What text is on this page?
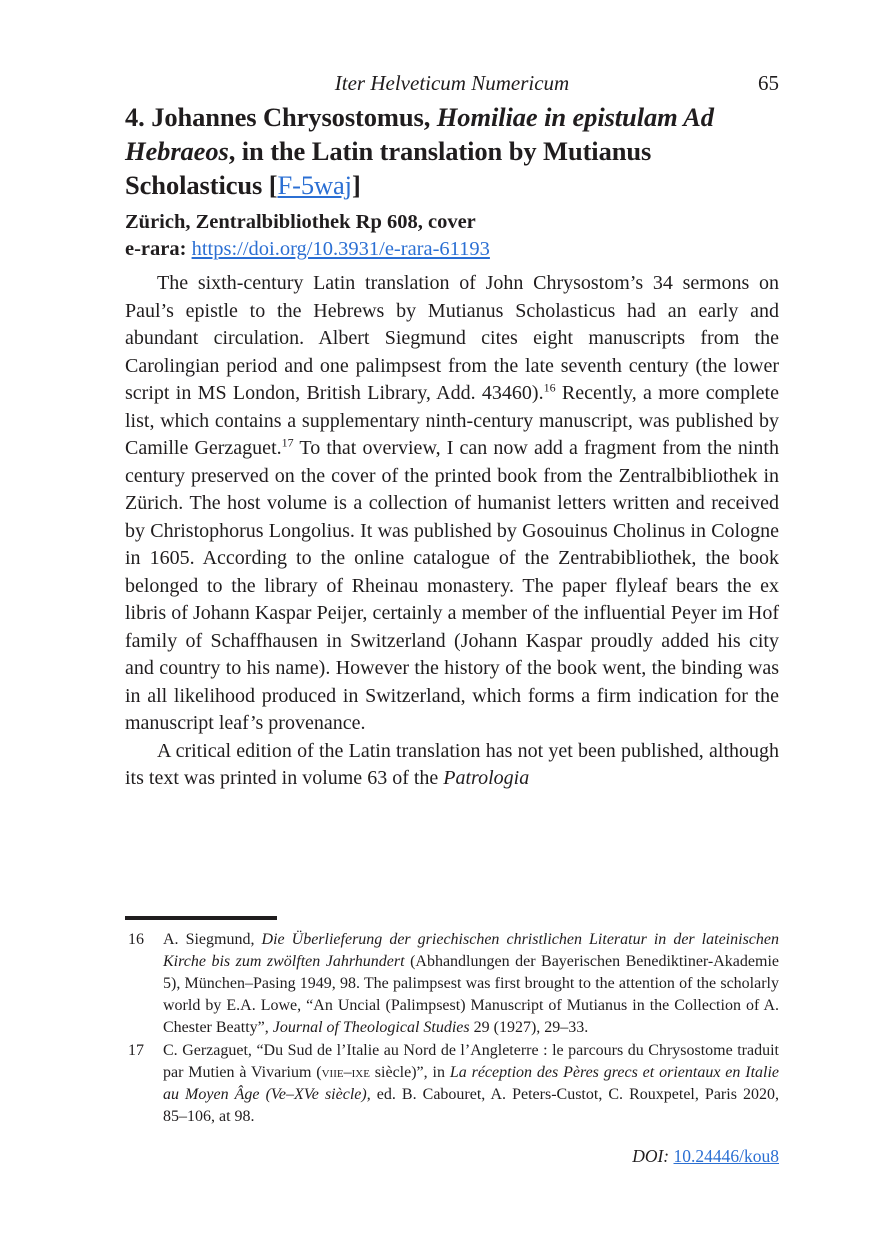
Iter Helveticum Numericum	65
4. Johannes Chrysostomus, Homiliae in epistulam Ad Hebraeos, in the Latin translation by Mutianus Scholasticus [F-5waj]

Zürich, Zentralbibliothek Rp 608, cover

e-rara: https://doi.org/10.3931/e-rara-61193

The sixth-century Latin translation of John Chrysostom’s 34 sermons on Paul’s epistle to the Hebrews by Mutianus Scholasticus had an early and abundant circulation. Albert Siegmund cites eight manuscripts from the Carolingian period and one palimpsest from the late seventh century (the lower script in MS London, British Library, Add. 43460).$^{16}$ Recently, a more complete list, which contains a supplementary ninth-century manuscript, was published by Camille Gerzaguet.$^{17}$ To that overview, I can now add a fragment from the ninth century preserved on the cover of the printed book from the Zentralbibliothek in Zürich. The host volume is a collection of humanist letters written and received by Christophorus Longolius. It was published by Gosouinus Cholinus in Cologne in 1605. According to the online catalogue of the Zentrabibliothek, the book belonged to the library of Rheinau monastery. The paper flyleaf bears the ex libris of Johann Kaspar Peijer, certainly a member of the influential Peyer im Hof family of Schaffhausen in Switzerland (Johann Kaspar proudly added his city and country to his name). However the history of the book went, the binding was in all likelihood produced in Switzerland, which forms a firm indication for the manuscript leaf’s provenance.

A critical edition of the Latin translation has not yet been published, although its text was printed in volume 63 of the Patrologia

16 A. Siegmund, Die Überlieferung der griechischen christlichen Literatur in der lateinischen Kirche bis zum zwölften Jahrhundert (Abhandlungen der Bayerischen Benediktiner-Akademie 5), München–Pasing 1949, 98. The palimpsest was first brought to the attention of the scholarly world by E.A. Lowe, “An Uncial (Palimpsest) Manuscript of Mutianus in the Collection of A. Chester Beatty”, Journal of Theological Studies 29 (1927), 29–33.
17 C. Gerzaguet, “Du Sud de l’Italie au Nord de l’Angleterre : le parcours du Chrysostome traduit par Mutien à Vivarium (viie–ixe siècle)”, in La réception des Pères grecs et orientaux en Italie au Moyen Âge (Ve–XVe siècle), ed. B. Cabouret, A. Peters-Custot, C. Rouxpetel, Paris 2020, 85–106, at 98.
DOI: 10.24446/kou8
